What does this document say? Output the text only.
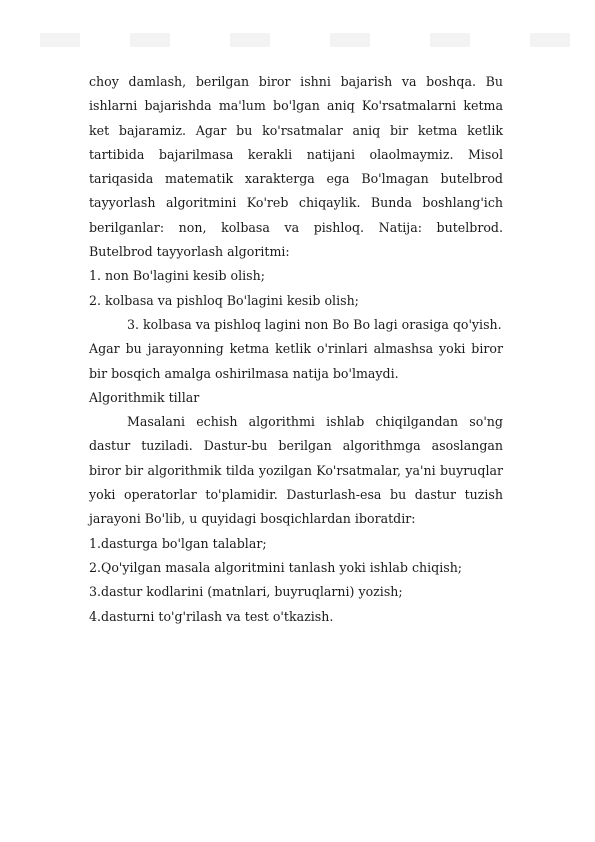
choy damlash, berilgan biror ishni bajarish va boshqa. Bu ishlarni bajarishda ma'lum bo'lgan aniq Ko'rsatmalarni ketma ket bajaramiz. Agar bu ko'rsatmalar aniq bir ketma ketlik tartibida bajarilmasa kerakli natijani olaolmaymiz. Misol tariqasida matematik xarakterga ega Bo'lmagan butelbrod tayyorlash algoritmini Ko'reb chiqaylik. Bunda boshlang'ich berilganlar: non, kolbasa va pishloq. Natija: butelbrod. Butelbrod tayyorlash algoritmi:

1. non Bo'lagini kesib olish;

2. kolbasa va pishloq Bo'lagini kesib olish;

3. kolbasa va pishloq lagini non Bo Bo lagi orasiga qo'yish.

Agar bu jarayonning ketma ketlik o'rinlari almashsa yoki biror bir bosqich amalga oshirilmasa natija bo'lmaydi.

Algorithmik tillar

Masalani echish algorithmi ishlab chiqilgandan so'ng dastur tuziladi. Dastur-bu berilgan algorithmga asoslangan biror bir algorithmik tilda yozilgan Ko'rsatmalar, ya'ni buyruqlar yoki operatorlar to'plamidir. Dasturlash-esa bu dastur tuzish jarayoni Bo'lib, u quyidagi bosqichlardan iboratdir:

1.dasturga bo'lgan talablar;

2.Qo'yilgan masala algoritmini tanlash yoki ishlab chiqish;

3.dastur kodlarini (matnlari, buyruqlarni) yozish;

4.dasturni to'g'rilash va test o'tkazish.
